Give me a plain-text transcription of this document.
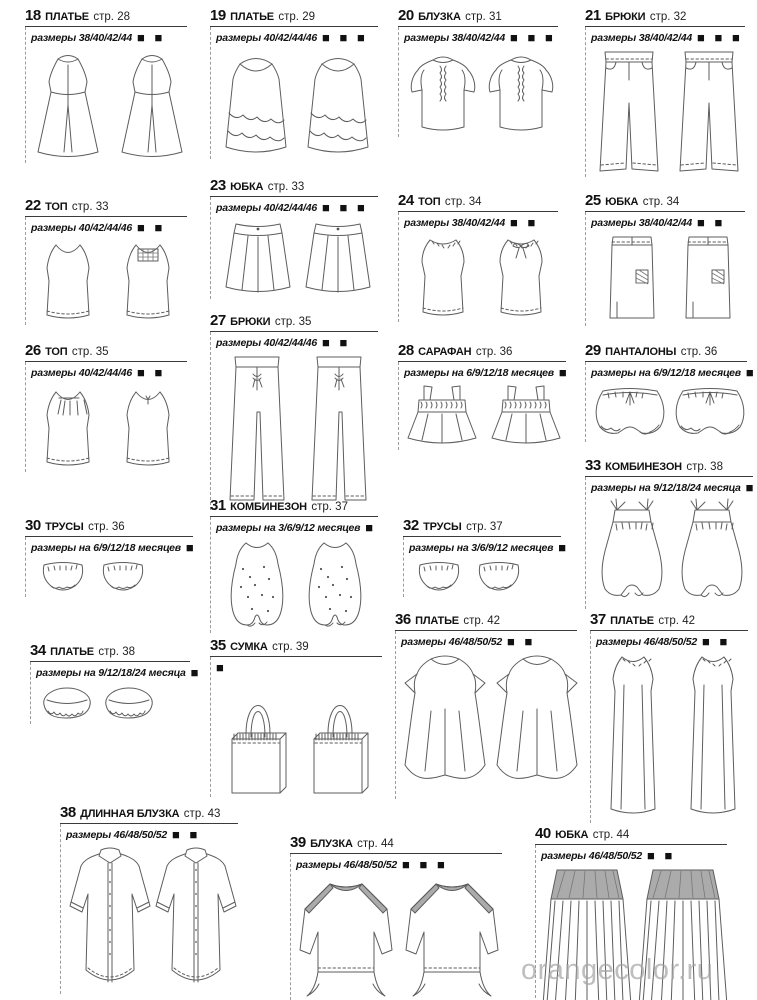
18 ПЛАТЬЕ стр. 28
размеры 38/40/42/44 ■ ■
19 ПЛАТЬЕ стр. 29
размеры 40/42/44/46 ■ ■ ■
20 БЛУЗКА стр. 31
размеры 38/40/42/44 ■ ■ ■
21 БРЮКИ стр. 32
размеры 38/40/42/44 ■ ■ ■
22 ТОП стр. 33
размеры 40/42/44/46 ■ ■
23 ЮБКА стр. 33
размеры 40/42/44/46 ■ ■ ■	24 ТОП стр. 34
размеры 38/40/42/44 ■ ■
25 ЮБКА стр. 34
размеры 38/40/42/44 ■ ■
26 ТОП стр. 35
размеры 40/42/44/46 ■ ■
27 БРЮКИ стр. 35
размеры 40/42/44/46 ■ ■	28 САРАФАН стр. 36
размеры на 6/9/12/18 месяцев ■
29 ПАНТАЛОНЫ стр. 36
размеры на 6/9/12/18 месяцев ■
30 ТРУСЫ стр. 36
размеры на 6/9/12/18 месяцев ■
31 КОМБИНЕЗОН стр. 37
размеры на 3/6/9/12 месяцев ■ 32 ТРУСЫ стр. 37
размеры на 3/6/9/12 месяцев ■
33 КОМБИНЕЗОН стр. 38
размеры на 9/12/18/24 месяца ■
34 ПЛАТЬЕ стр. 38
размеры на 9/12/18/24 месяца ■
35 СУМКА стр. 39
■
36 ПЛАТЬЕ стр. 42
размеры 46/48/50/52 ■ ■
37 ПЛАТЬЕ стр. 42
размеры 46/48/50/52 ■ ■
38 ДЛИННАЯ БЛУЗКА стр. 43
размеры 46/48/50/52 ■ ■	39 БЛУЗКА стр. 44
размеры 46/48/50/52 ■ ■ ■
40 ЮБКА стр. 44
размеры 46/48/50/52 ■ ■
orangecolor.ru
